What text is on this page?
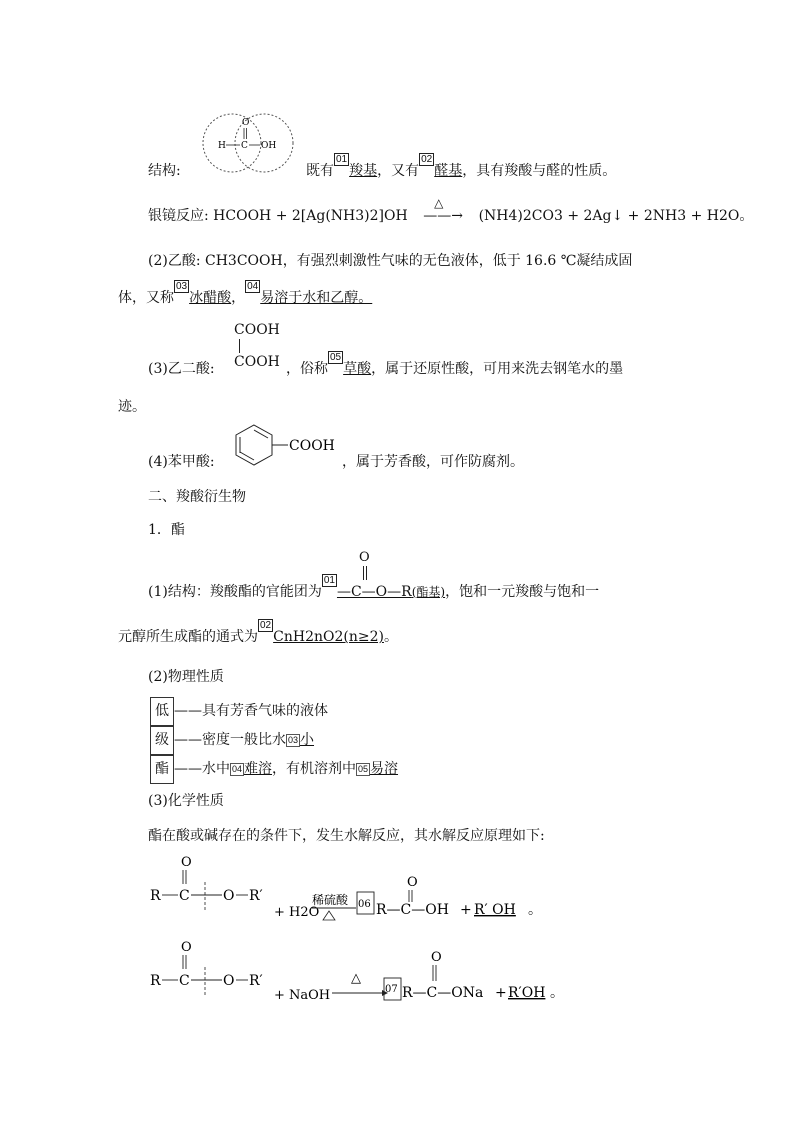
O
H C OH
结构:	既有01羧基，又有02醛基，具有羧酸与醛的性质。
银镜反应: HCOOH + 2[Ag(NH3)2]OH
△
——→ (NH4)2CO3 + 2Ag↓ + 2NH3 + H2O。
(2)乙酸: CH3COOH，有强烈刺激性气味的无色液体，低于 16.6 ℃凝结成固
体，又称03冰醋酸，04易溶于水和乙醇。
(3)乙二酸:
COOH
COOH ，俗称05草酸，属于还原性酸，可用来洗去钢笔水的墨
迹。
(4)苯甲酸:
COOH
，属于芳香酸，可作防腐剂。
二、羧酸衍生物
1．酯
(1)结构：羧酸酯的官能团为01
O
—C—O—R(酯基)，饱和一元羧酸与饱和一
元醇所生成酯的通式为02CnH2nO2(n≥2)。
(2)物理性质
低 ——具有芳香气味的液体
级 ——密度一般比水 03 小
酯 ——水中 04 难溶，有机溶剂中 05 易溶
(3)化学性质
酯在酸或碱存在的条件下，发生水解反应，其水解反应原理如下:
O
R C O R′
+ H2O
稀硫酸 06
O
R—C—OH + R′ OH 。
O
R C O R′
+ NaOH
△
07
O
R—C—ONa + R′OH 。
